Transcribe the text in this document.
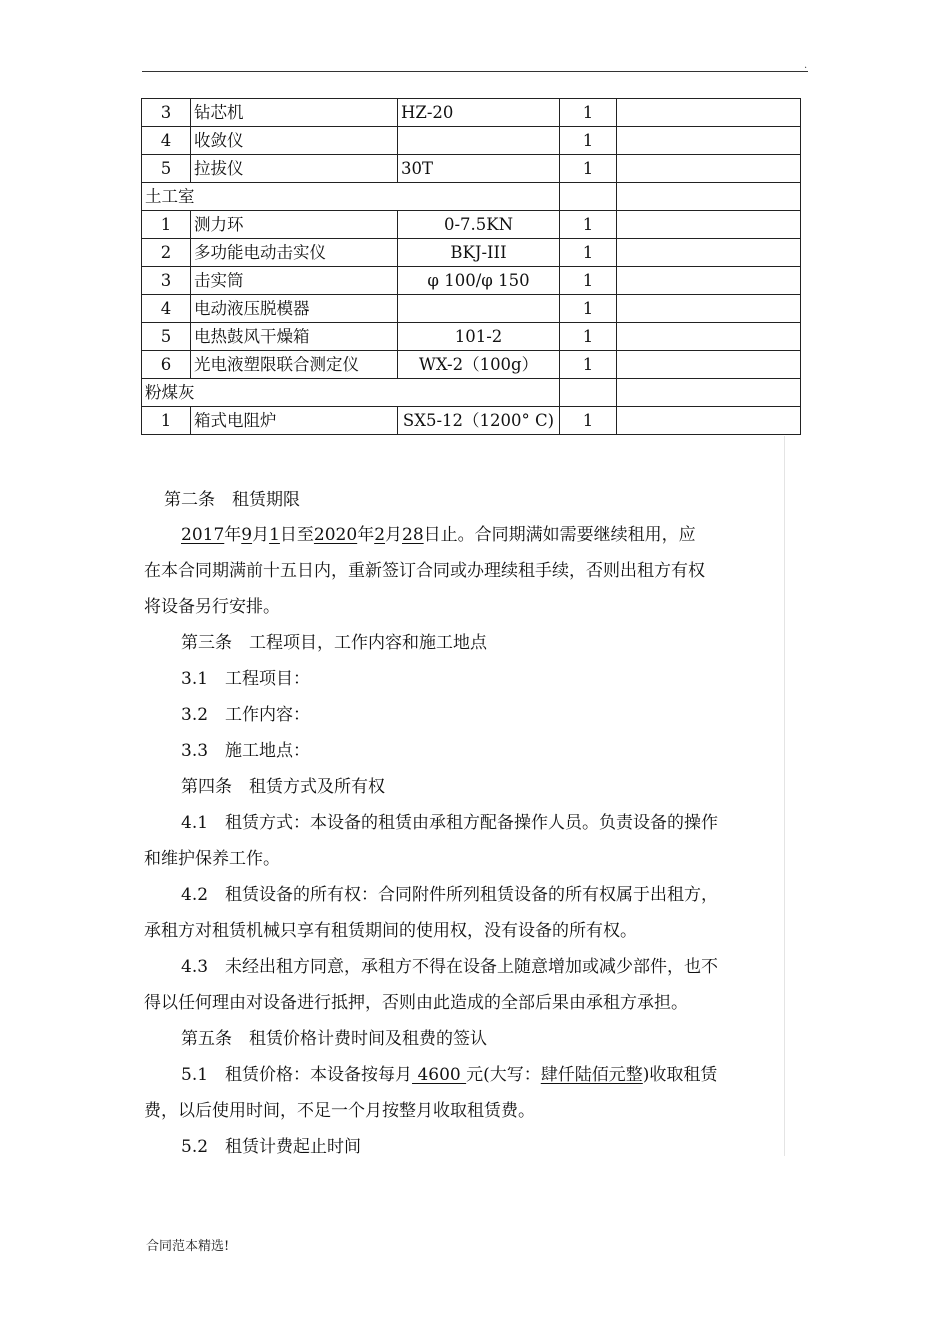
.
3	钻芯机	HZ-20	1	
4	收敛仪		1	
5	拉拔仪	30T	1	
土工室				
1	测力环	0-7.5KN	1	
2	多功能电动击实仪	BKJ-III	1	
3	击实筒	φ 100/φ 150	1	
4	电动液压脱模器		1	
5	电热鼓风干燥箱	101-2	1	
6	光电液塑限联合测定仪	WX-2（100g）	1	
粉煤灰				
1	箱式电阻炉	SX5-12（1200° C)	1	
第二条　租赁期限
2017年9月1日至2020年2月28日止。合同期满如需要继续租用，应
在本合同期满前十五日内，重新签订合同或办理续租手续，否则出租方有权
将设备另行安排。
第三条　工程项目，工作内容和施工地点
3.1　工程项目：
3.2　工作内容：
3.3　施工地点：
第四条　租赁方式及所有权
4.1　租赁方式：本设备的租赁由承租方配备操作人员。负责设备的操作
和维护保养工作。
4.2　租赁设备的所有权：合同附件所列租赁设备的所有权属于出租方，
承租方对租赁机械只享有租赁期间的使用权，没有设备的所有权。
4.3　未经出租方同意，承租方不得在设备上随意增加或减少部件，也不
得以任何理由对设备进行抵押，否则由此造成的全部后果由承租方承担。
第五条　租赁价格计费时间及租费的签认
5.1　租赁价格：本设备按每月 4600 元(大写：肆仟陆佰元整)收取租赁
费，以后使用时间，不足一个月按整月收取租赁费。
5.2　租赁计费起止时间
合同范本精选!
